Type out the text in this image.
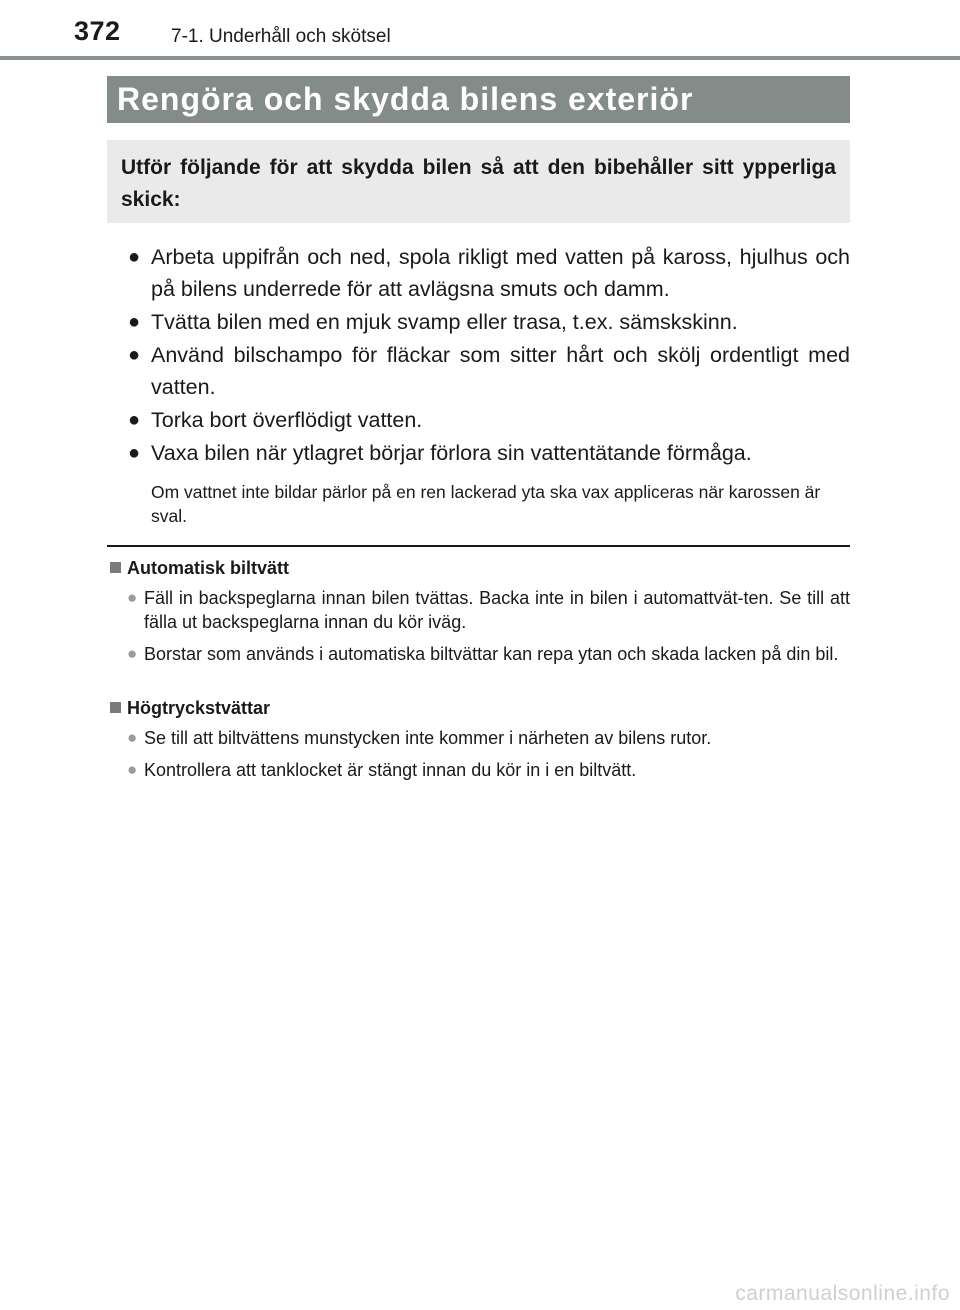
372	7-1. Underhåll och skötsel
Rengöra och skydda bilens exteriör
Utför följande för att skydda bilen så att den bibehåller sitt ypperliga skick:
● Arbeta uppifrån och ned, spola rikligt med vatten på kaross, hjulhus och på bilens underrede för att avlägsna smuts och damm.
● Tvätta bilen med en mjuk svamp eller trasa, t.ex. sämskskinn.
● Använd bilschampo för fläckar som sitter hårt och skölj ordentligt med vatten.
● Torka bort överflödigt vatten.
● Vaxa bilen när ytlagret börjar förlora sin vattentätande förmåga.
Om vattnet inte bildar pärlor på en ren lackerad yta ska vax appliceras när karossen är sval.
Automatisk biltvätt
● Fäll in backspeglarna innan bilen tvättas. Backa inte in bilen i automattvät-ten. Se till att fälla ut backspeglarna innan du kör iväg.
● Borstar som används i automatiska biltvättar kan repa ytan och skada lacken på din bil.
Högtryckstvättar
● Se till att biltvättens munstycken inte kommer i närheten av bilens rutor.
● Kontrollera att tanklocket är stängt innan du kör in i en biltvätt.
carmanualsonline.info
